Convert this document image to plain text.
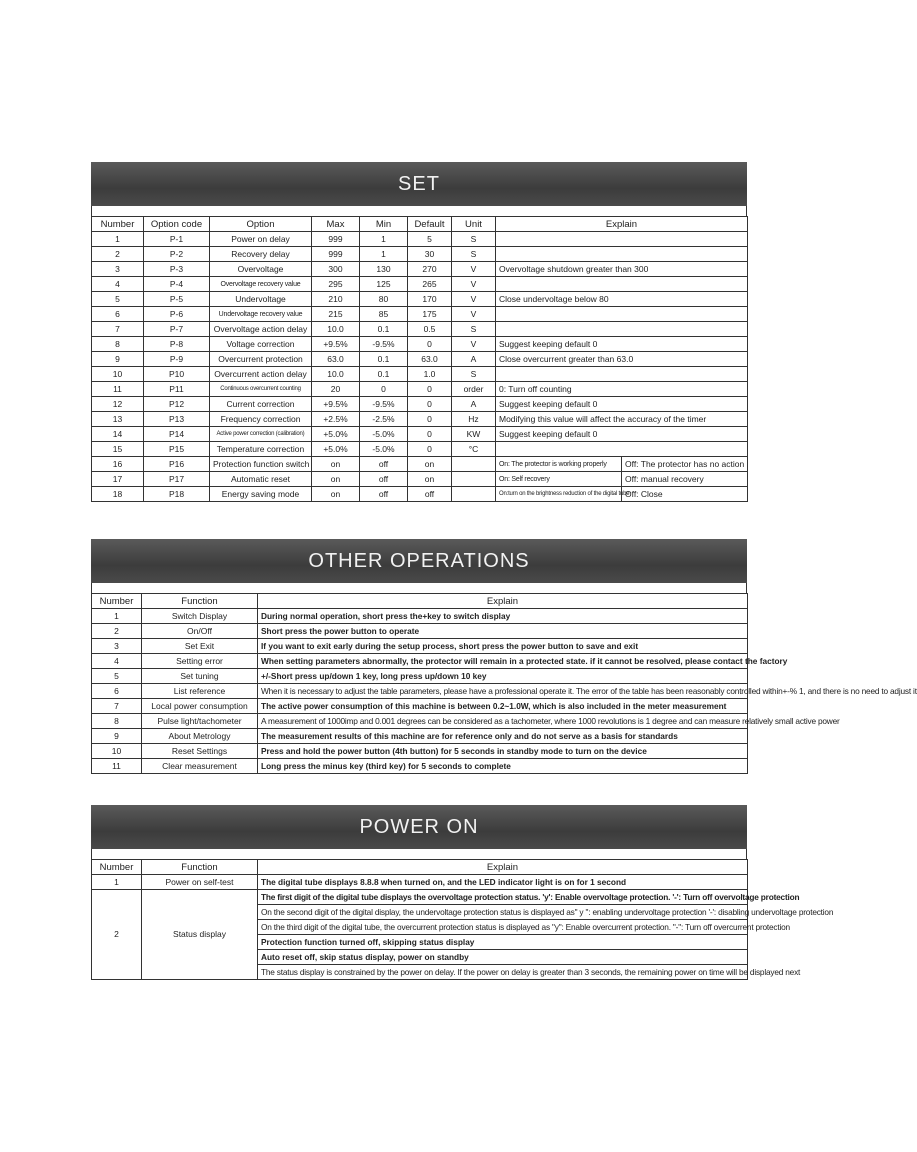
SET
Number	Option code	Option	Max	Min	Default	Unit	Explain	
1	P-1	Power on delay	999	1	5	S		
2	P-2	Recovery delay	999	1	30	S		
3	P-3	Overvoltage	300	130	270	V	Overvoltage shutdown greater than 300	
4	P-4	Overvoltage recovery value	295	125	265	V		
5	P-5	Undervoltage	210	80	170	V	Close undervoltage below 80	
6	P-6	Undervoltage recovery value	215	85	175	V		
7	P-7	Overvoltage action delay	10.0	0.1	0.5	S		
8	P-8	Voltage correction	+9.5%	-9.5%	0	V	Suggest keeping default 0	
9	P-9	Overcurrent protection	63.0	0.1	63.0	A	Close overcurrent greater than 63.0	
10	P10	Overcurrent action delay	10.0	0.1	1.0	S		
11	P11	Continuous overcurrent counting	20	0	0	order	0: Turn off counting	
12	P12	Current correction	+9.5%	-9.5%	0	A	Suggest keeping default 0	
13	P13	Frequency correction	+2.5%	-2.5%	0	Hz	Modifying this value will affect the accuracy of the timer	
14	P14	Active power correction (calibration)	+5.0%	-5.0%	0	KW	Suggest keeping default 0	
15	P15	Temperature correction	+5.0%	-5.0%	0	°C		
16	P16	Protection function switch	on	off	on		On: The protector is working properly	Off: The protector has no action
17	P17	Automatic reset	on	off	on		On: Self recovery	Off: manual recovery
18	P18	Energy saving mode	on	off	off		On:turn on the brightness reduction of the digital tube	Off: Close
OTHER OPERATIONS
Number	Function	Explain
1	Switch Display	During normal operation, short press the+key to switch display
2	On/Off	Short press the power button to operate
3	Set Exit	If you want to exit early during the setup process, short press the power button to save and exit
4	Setting error	When setting parameters abnormally, the protector will remain in a protected state. if it cannot be resolved, please contact the factory
5	Set tuning	+/-Short press up/down 1 key, long press up/down 10 key
6	List reference	When it is necessary to adjust the table parameters, please have a professional operate it. The error of the table has been reasonably controlled within+-% 1, and there is no need to adjust it
7	Local power consumption	The active power consumption of this machine is between 0.2~1.0W, which is also included in the meter measurement
8	Pulse light/tachometer	A measurement of 1000imp and 0.001 degrees can be considered as a tachometer, where 1000 revolutions is 1 degree and can measure relatively small active power
9	About Metrology	The measurement results of this machine are for reference only and do not serve as a basis for standards
10	Reset Settings	Press and hold the power button (4th button) for 5 seconds in standby mode to turn on the device
11	Clear measurement	Long press the minus key (third key) for 5 seconds to complete
POWER ON
Number	Function	Explain
1	Power on self-test	The digital tube displays 8.8.8 when turned on, and the LED indicator light is on for 1 second
2	Status display	The first digit of the digital tube displays the overvoltage protection status. 'y': Enable overvoltage protection. '-': Turn off overvoltage protection
		On the second digit of the digital display, the undervoltage protection status is displayed as" y ": enabling undervoltage protection '-': disabling undervoltage protection
		On the third digit of the digital tube, the overcurrent protection status is displayed as "y": Enable overcurrent protection. "-": Turn off overcurrent protection
		Protection function turned off, skipping status display
		Auto reset off, skip status display, power on standby
		The status display is constrained by the power on delay. If the power on delay is greater than 3 seconds, the remaining power on time will be displayed next
